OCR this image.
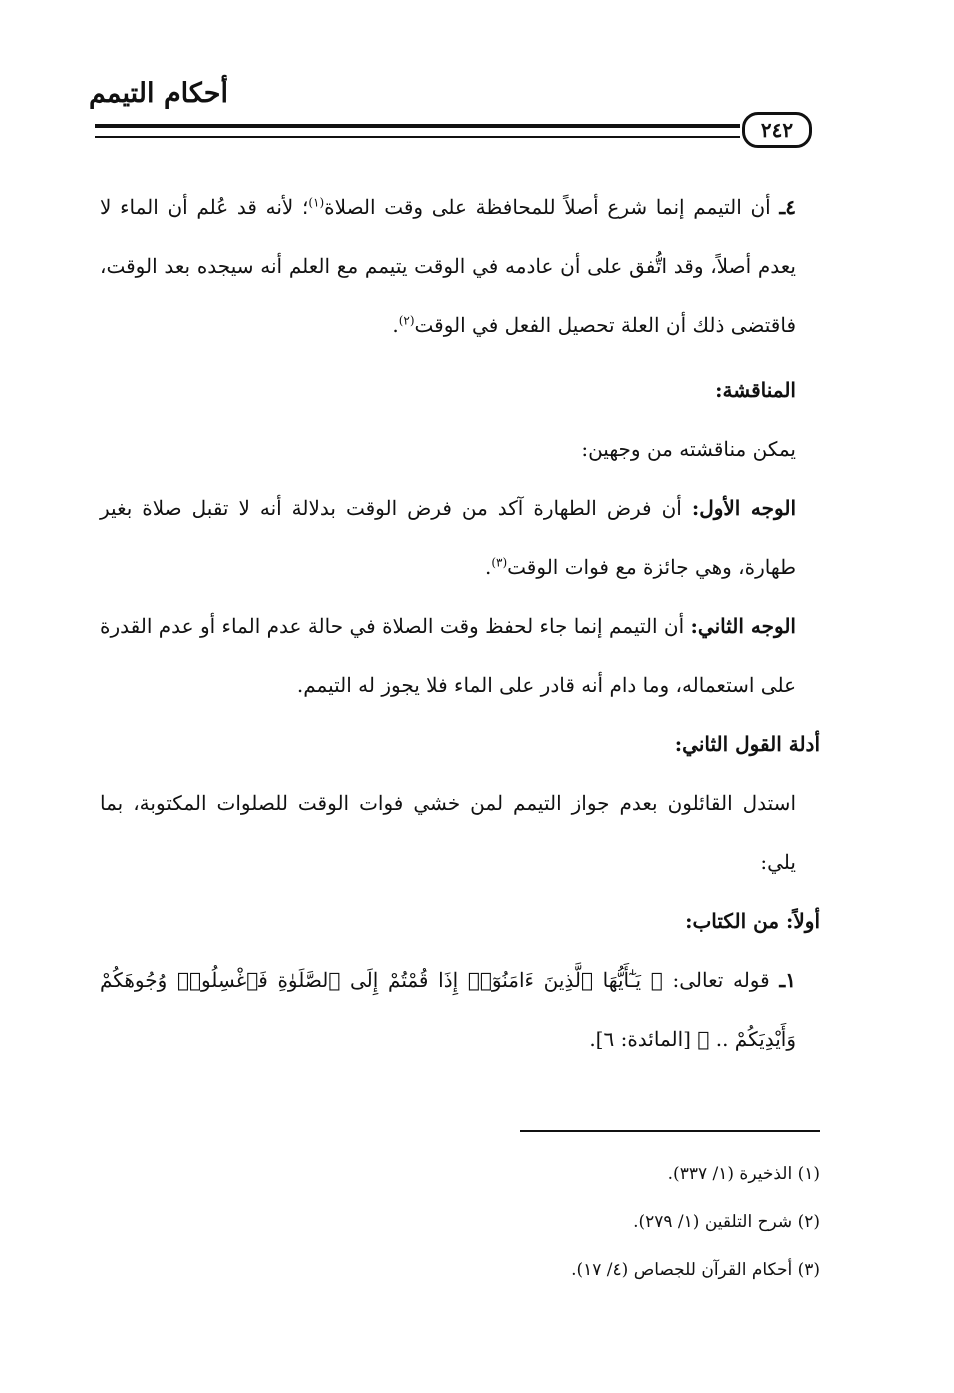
أحكام التيمم
٢٤٢

٤ـ أن التيمم إنما شرع أصلاً للمحافظة على وقت الصلاة$^{(١)}$؛ لأنه قد عُلم أن الماء لا يعدم أصلاً، وقد اتُّفق على أن عادمه في الوقت يتيمم مع العلم أنه سيجده بعد الوقت، فاقتضى ذلك أن العلة تحصيل الفعل في الوقت$^{(٢)}$.

المناقشة:

يمكن مناقشته من وجهين:

الوجه الأول: أن فرض الطهارة آكد من فرض الوقت بدلالة أنه لا تقبل صلاة بغير طهارة، وهي جائزة مع فوات الوقت$^{(٣)}$.

الوجه الثاني: أن التيمم إنما جاء لحفظ وقت الصلاة في حالة عدم الماء أو عدم القدرة على استعماله، وما دام أنه قادر على الماء فلا يجوز له التيمم.

أدلة القول الثاني:

استدل القائلون بعدم جواز التيمم لمن خشي فوات الوقت للصلوات المكتوبة، بما يلي:

أولاً: من الكتاب:

١ـ قوله تعالى: ﴿ يَـٰٓأَيُّهَا ٱلَّذِينَ ءَامَنُوٓا۟ إِذَا قُمْتُمْ إِلَى ٱلصَّلَوٰةِ فَٱغْسِلُوا۟ وُجُوهَكُمْ وَأَيْدِيَكُمْ .. ﴾ [المائدة: ٦].

(١) الذخيرة (١/ ٣٣٧).

(٢) شرح التلقين (١/ ٢٧٩).

(٣) أحكام القرآن للجصاص (٤/ ١٧).
